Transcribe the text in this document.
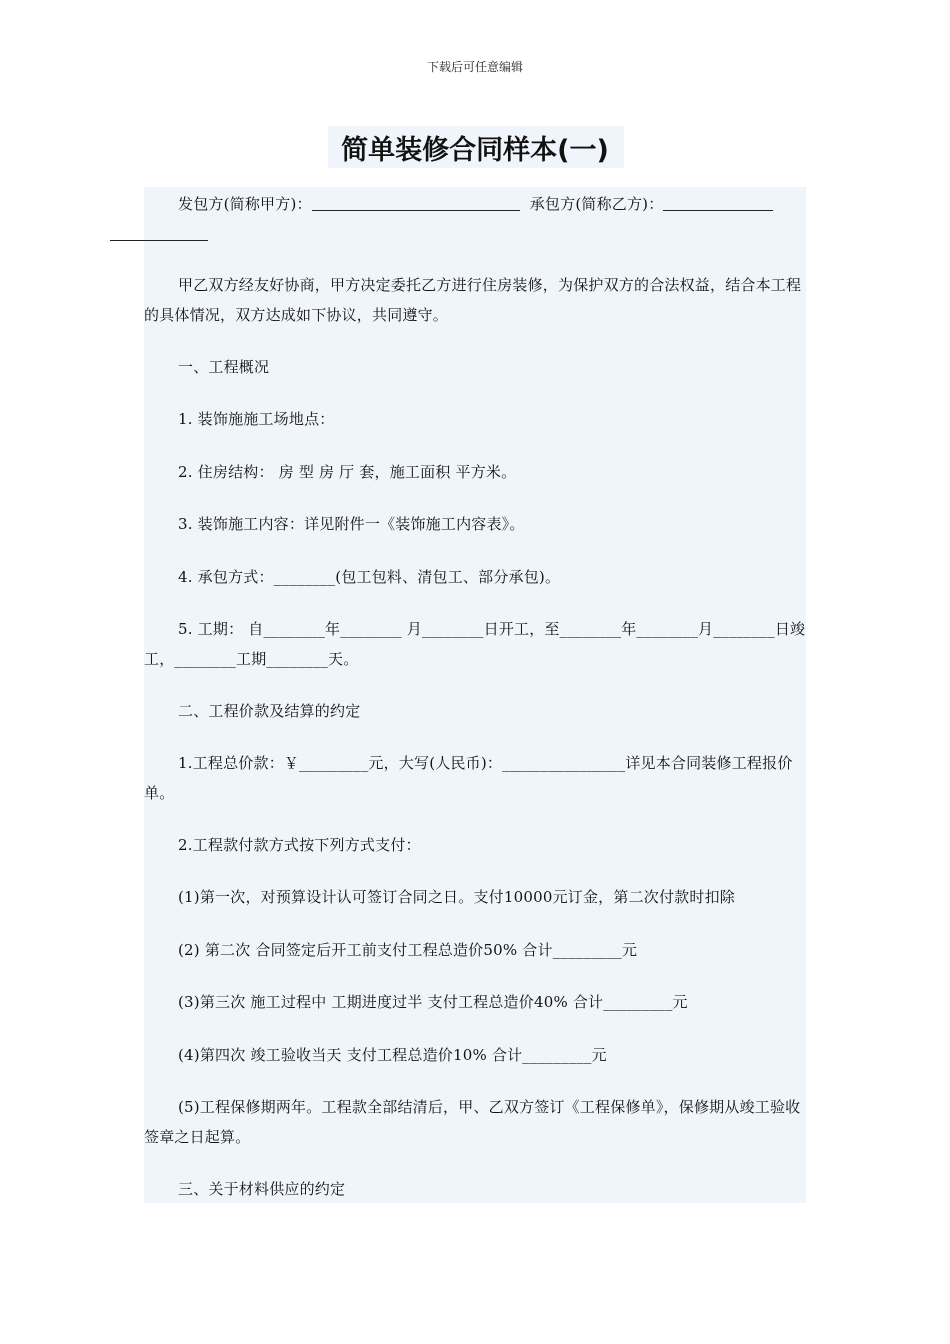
下载后可任意编辑
简单装修合同样本(一)

发包方(简称甲方)：	承包方(简称乙方)：

甲乙双方经友好协商，甲方决定委托乙方进行住房装修，为保护双方的合法权益，结合本工程的具体情况，双方达成如下协议，共同遵守。

一、工程概况

1. 装饰施施工场地点：

2. 住房结构： 房 型 房 厅 套，施工面积 平方米。

3. 装饰施工内容：详见附件一《装饰施工内容表》。

4. 承包方式：________(包工包料、清包工、部分承包)。

5. 工期： 自________年________ 月________日开工，至________年________月________日竣工，________工期________天。

二、工程价款及结算的约定

1.工程总价款：￥_________元，大写(人民币)：________________详见本合同装修工程报价单。

2.工程款付款方式按下列方式支付：

(1)第一次，对预算设计认可签订合同之日。支付10000元订金，第二次付款时扣除

(2) 第二次 合同签定后开工前支付工程总造价50% 合计_________元

(3)第三次 施工过程中 工期进度过半 支付工程总造价40% 合计_________元

(4)第四次 竣工验收当天 支付工程总造价10% 合计_________元

(5)工程保修期两年。工程款全部结清后，甲、乙双方签订《工程保修单》，保修期从竣工验收签章之日起算。

三、关于材料供应的约定
